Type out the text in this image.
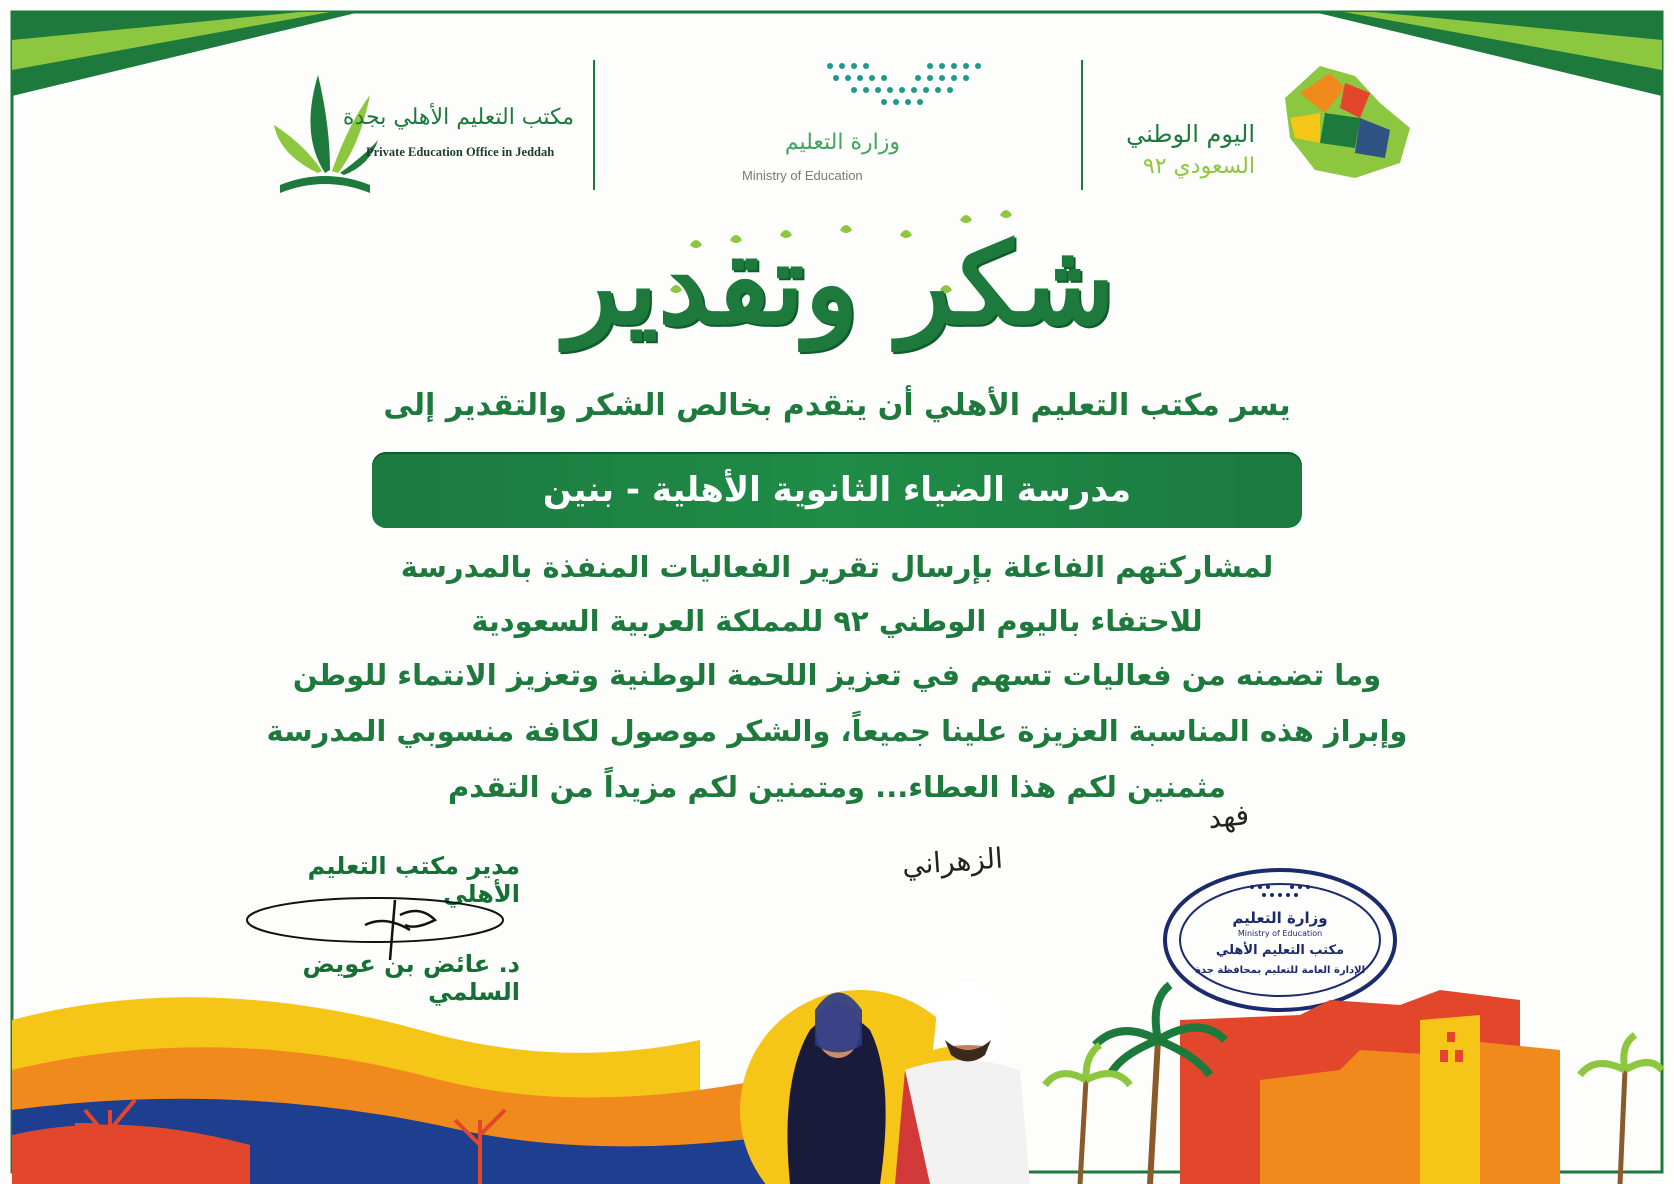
مكتب التعليم الأهلي بجدة
Private Education Office in Jeddah	وزارة التعليم
Ministry of Education
اليوم الوطني
السعودي ٩٢
شكر وتقدير
يسر مكتب التعليم الأهلي أن يتقدم بخالص الشكر والتقدير إلى
مدرسة الضياء الثانوية الأهلية - بنين
لمشاركتهم الفاعلة بإرسال تقرير الفعاليات المنفذة بالمدرسة
للاحتفاء باليوم الوطني ٩٢ للمملكة العربية السعودية
وما تضمنه من فعاليات تسهم في تعزيز اللحمة الوطنية وتعزيز الانتماء للوطن
وإبراز هذه المناسبة العزيزة علينا جميعاً، والشكر موصول لكافة منسوبي المدرسة
مثمنين لكم هذا العطاء... ومتمنين لكم مزيداً من التقدم
فهد
الزهراني
مدير مكتب التعليم الأهلي
د. عائض بن عويض السلمي
وزارة التعليم
Ministry of Education
مكتب التعليم الأهلي
الإدارة العامة للتعليم بمحافظة جدة
